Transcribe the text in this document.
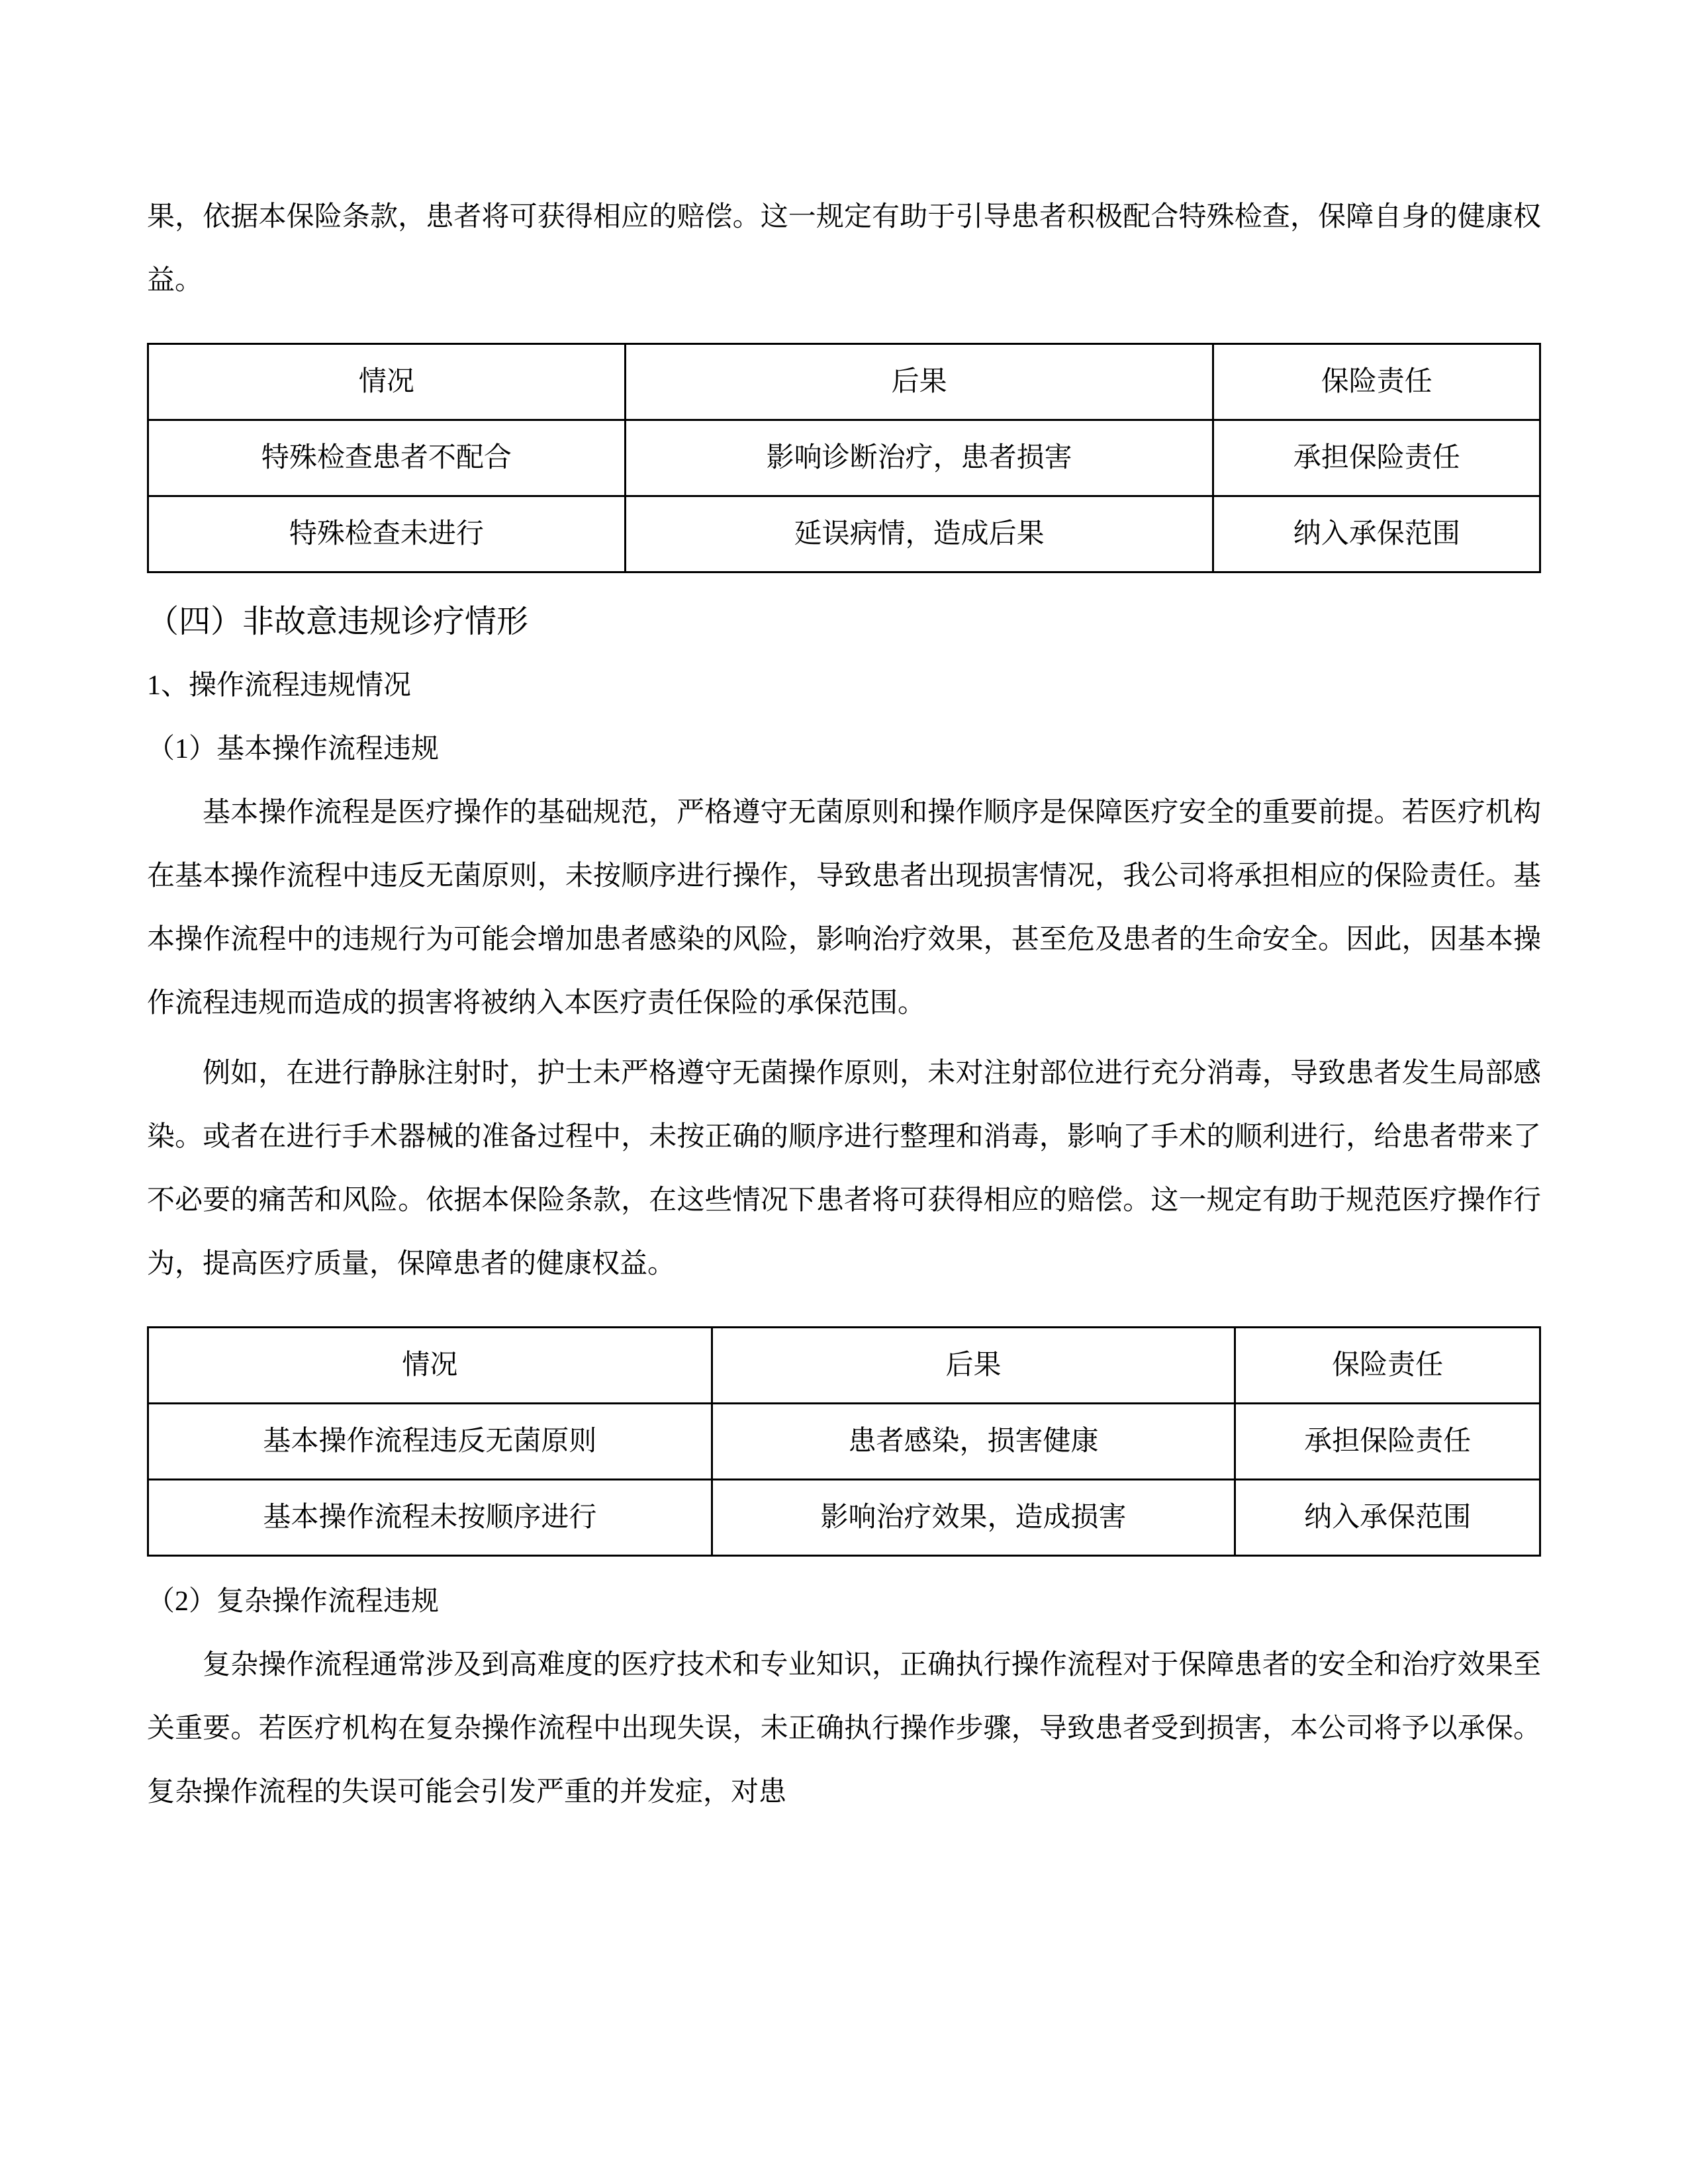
果，依据本保险条款，患者将可获得相应的赔偿。这一规定有助于引导患者积极配合特殊检查，保障自身的健康权益。

情况	后果	保险责任
特殊检查患者不配合	影响诊断治疗，患者损害	承担保险责任
特殊检查未进行	延误病情，造成后果	纳入承保范围
（四）非故意违规诊疗情形

1、操作流程违规情况

（1）基本操作流程违规

基本操作流程是医疗操作的基础规范，严格遵守无菌原则和操作顺序是保障医疗安全的重要前提。若医疗机构在基本操作流程中违反无菌原则，未按顺序进行操作，导致患者出现损害情况，我公司将承担相应的保险责任。基本操作流程中的违规行为可能会增加患者感染的风险，影响治疗效果，甚至危及患者的生命安全。因此，因基本操作流程违规而造成的损害将被纳入本医疗责任保险的承保范围。

例如，在进行静脉注射时，护士未严格遵守无菌操作原则，未对注射部位进行充分消毒，导致患者发生局部感染。或者在进行手术器械的准备过程中，未按正确的顺序进行整理和消毒，影响了手术的顺利进行，给患者带来了不必要的痛苦和风险。依据本保险条款，在这些情况下患者将可获得相应的赔偿。这一规定有助于规范医疗操作行为，提高医疗质量，保障患者的健康权益。

情况	后果	保险责任
基本操作流程违反无菌原则	患者感染，损害健康	承担保险责任
基本操作流程未按顺序进行	影响治疗效果，造成损害	纳入承保范围

（2）复杂操作流程违规

复杂操作流程通常涉及到高难度的医疗技术和专业知识，正确执行操作流程对于保障患者的安全和治疗效果至关重要。若医疗机构在复杂操作流程中出现失误，未正确执行操作步骤，导致患者受到损害，本公司将予以承保。复杂操作流程的失误可能会引发严重的并发症，对患
